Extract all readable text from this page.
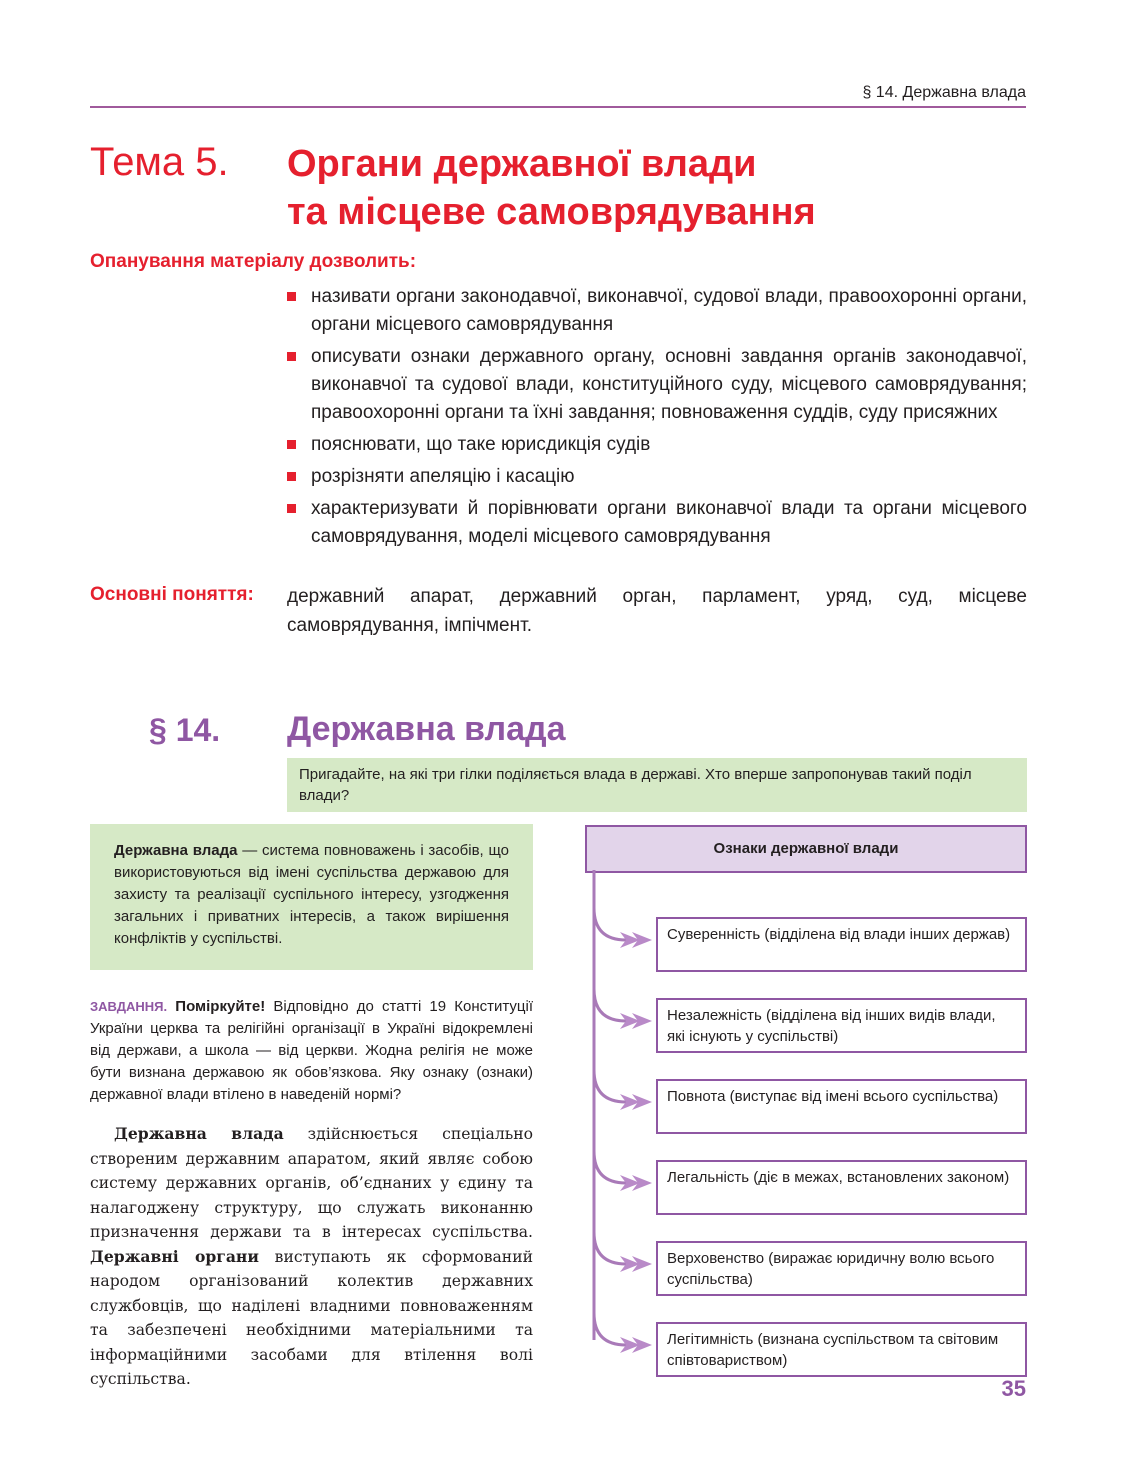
§ 14. Державна влада
Тема 5. Органи державної влади
та місцеве самоврядування
Опанування матеріалу дозволить:
називати органи законодавчої, виконавчої, судової влади, правоохоронні органи, органи місцевого самоврядування
описувати ознаки державного органу, основні завдання органів законодавчої, виконавчої та судової влади, конституційного суду, місцевого самоврядування; правоохоронні органи та їхні завдання; повноваження суддів, суду присяжних
пояснювати, що таке юрисдикція судів
розрізняти апеляцію і касацію
характеризувати й порівнювати органи виконавчої влади та органи місцевого самоврядування, моделі місцевого самоврядування
Основні поняття: державний апарат, державний орган, парламент, уряд, суд, місцеве самоврядування, імпічмент.
§ 14. Державна влада
Пригадайте, на які три гілки поділяється влада в державі. Хто вперше запропонував такий поділ влади?
Державна влада — система повноважень і засобів, що використовуються від імені суспільства державою для захисту та реалізації суспільного інтересу, узгодження загальних і приватних інтересів, а також вирішення конфліктів у суспільстві.
ЗАВДАННЯ. Поміркуйте! Відповідно до статті 19 Конституції України церква та релігійні організації в Україні відокремлені від держави, а школа — від церкви. Жодна релігія не може бути визнана державою як обов’язкова. Яку ознаку (ознаки) державної влади втілено в наведеній нормі?
Державна влада здійснюється спеціально створеним державним апаратом, який являє собою систему державних органів, об’єднаних у єдину та налагоджену структуру, що служать виконанню призначення держави та в інтересах суспільства. Державні органи виступають як сформований народом організований колектив державних службовців, що наділені владними повноваженням та забезпечені необхідними матеріальними та інформаційними засобами для втілення волі суспільства.
Ознаки державної влади
Суверенність (відділена від влади інших держав)
Незалежність (відділена від інших видів влади, які існують у суспільстві)
Повнота (виступає від імені всього суспільства)
Легальність (діє в межах, встановлених законом)
Верховенство (виражає юридичну волю всього суспільства)
Легітимність (визнана суспільством та світовим співтовариством)
35
